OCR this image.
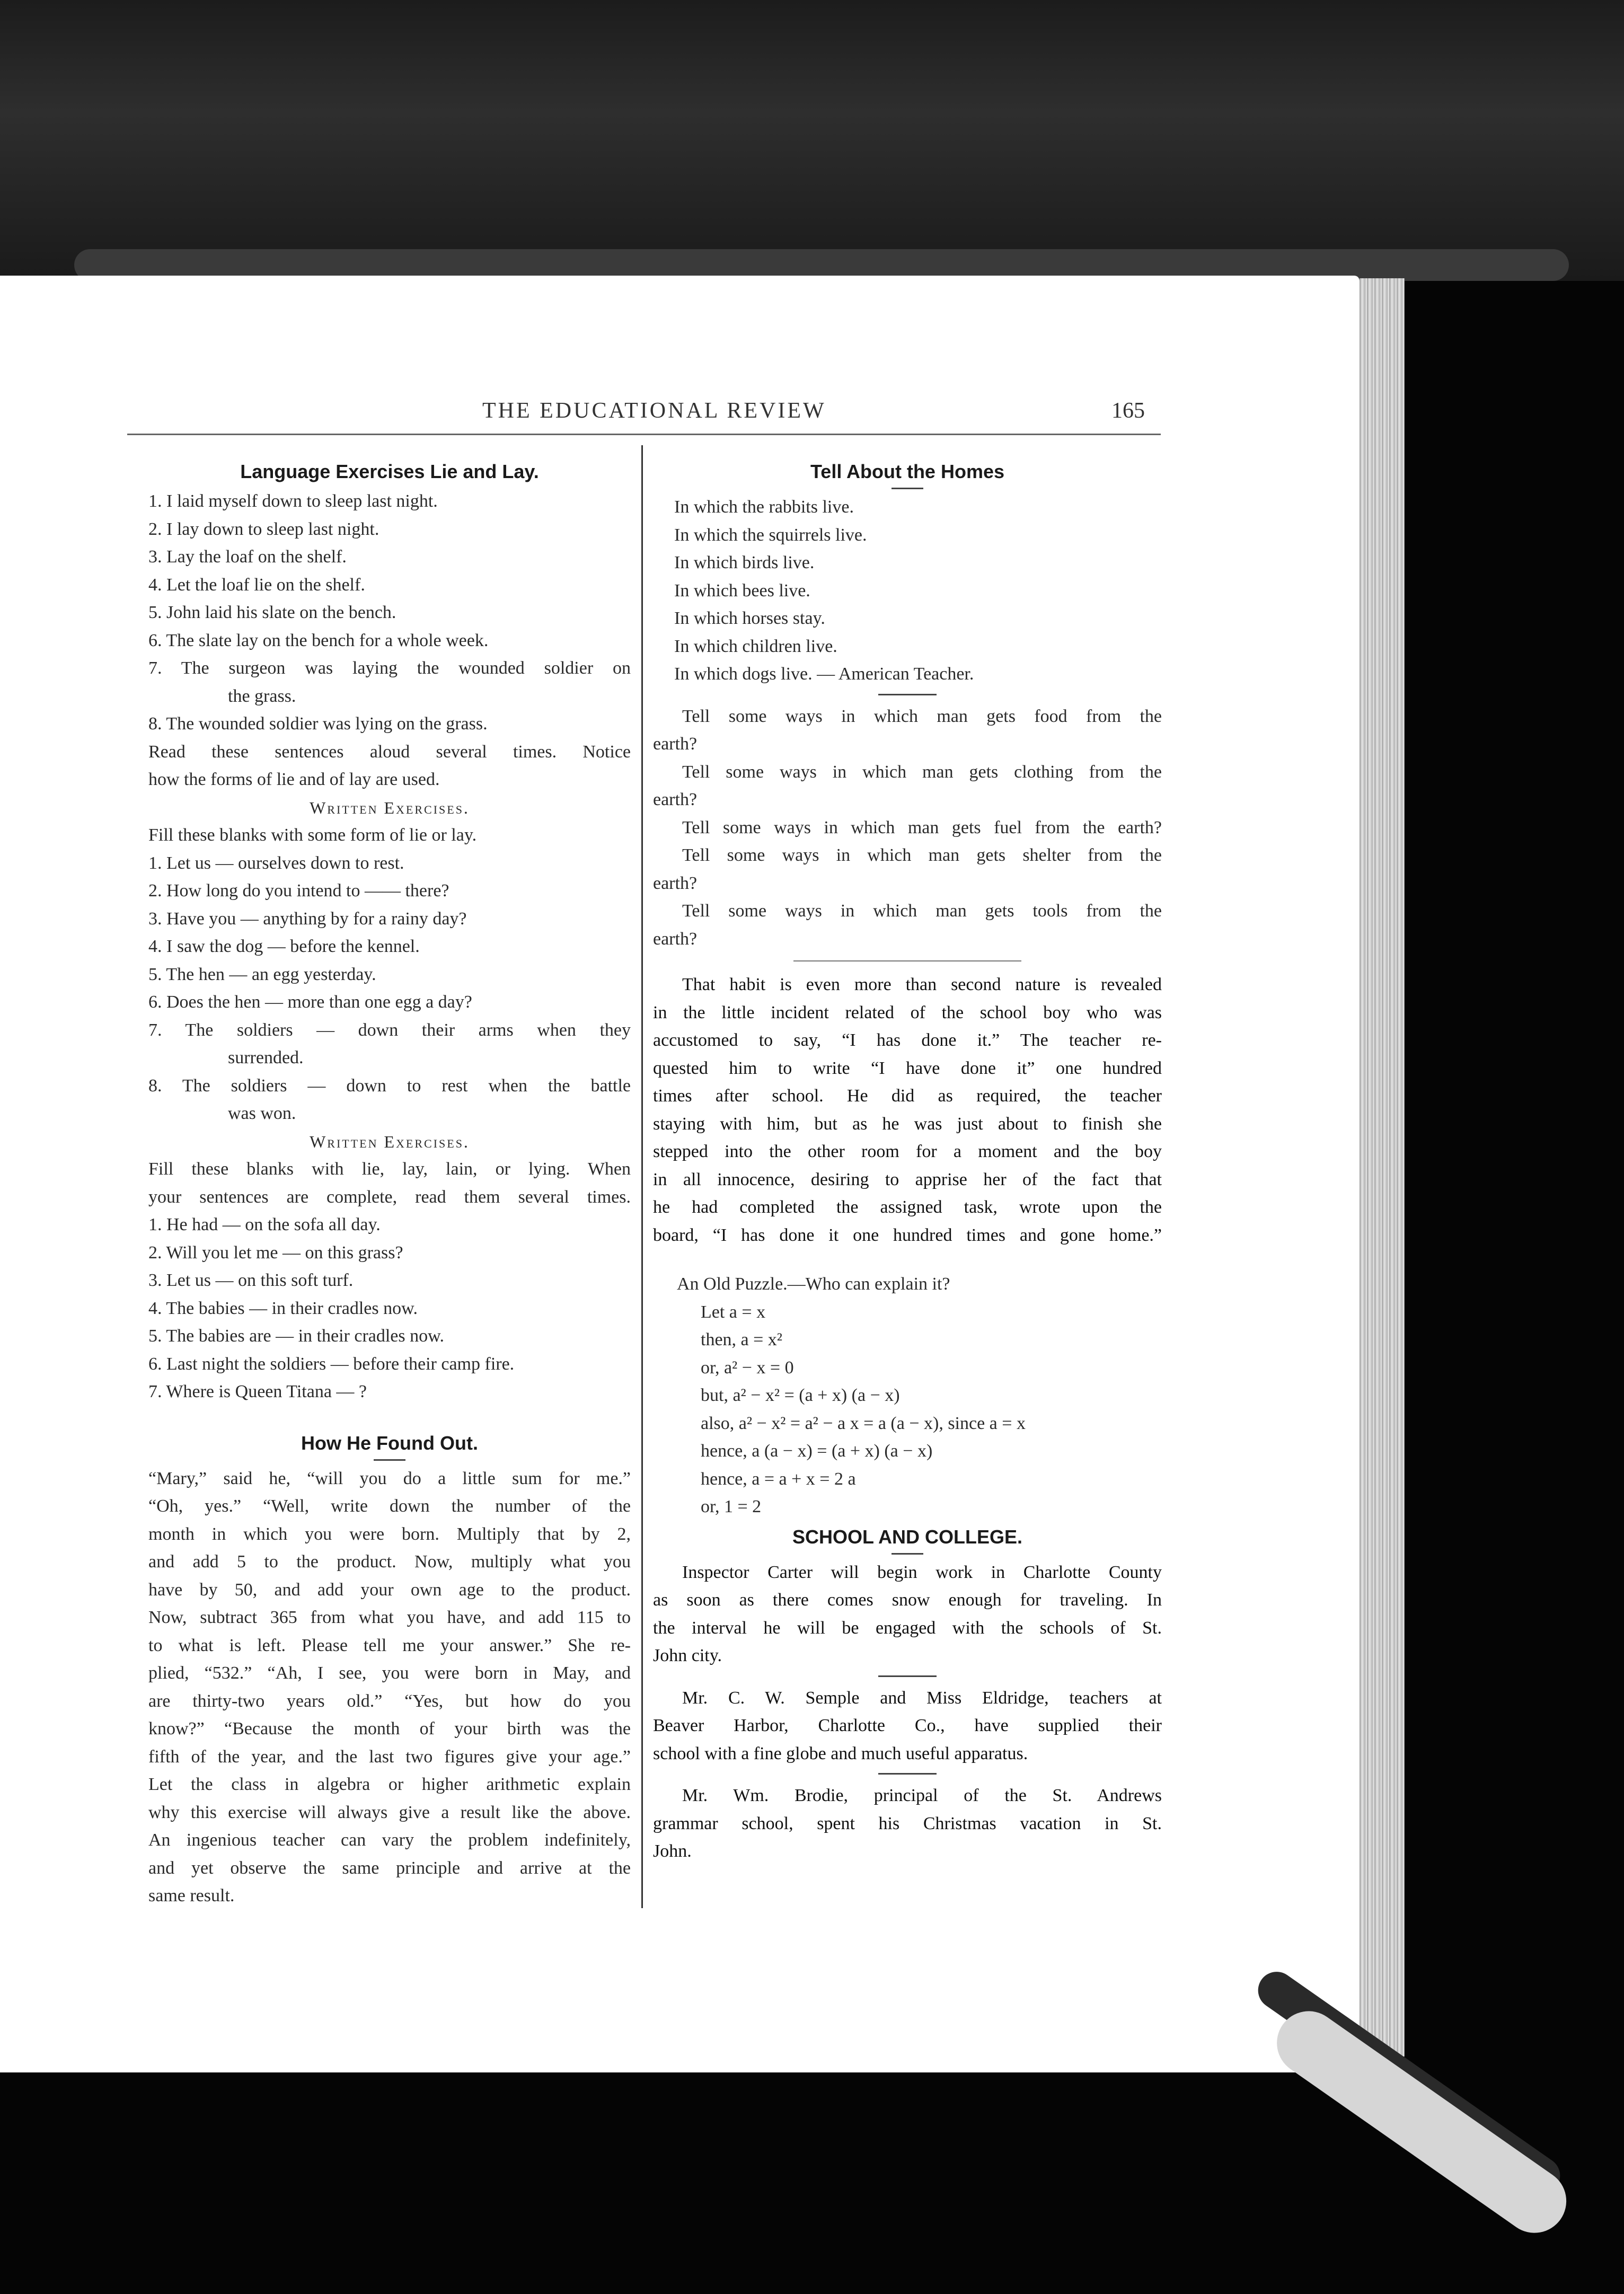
THE EDUCATIONAL REVIEW	165
Language Exercises Lie and Lay.
1. I laid myself down to sleep last night.
2. I lay down to sleep last night.
3. Lay the loaf on the shelf.
4. Let the loaf lie on the shelf.
5. John laid his slate on the bench.
6. The slate lay on the bench for a whole week.
7. The surgeon was laying the wounded soldier on
the grass.
8. The wounded soldier was lying on the grass.
Read these sentences aloud several times. Notice
how the forms of lie and of lay are used.
Written Exercises.
Fill these blanks with some form of lie or lay.
1. Let us — ourselves down to rest.
2. How long do you intend to —— there?
3. Have you — anything by for a rainy day?
4. I saw the dog — before the kennel.
5. The hen — an egg yesterday.
6. Does the hen — more than one egg a day?
7. The soldiers — down their arms when they
surrended.
8. The soldiers — down to rest when the battle
was won.
Written Exercises.
Fill these blanks with lie, lay, lain, or lying. When
your sentences are complete, read them several times.
1. He had — on the sofa all day.
2. Will you let me — on this grass?
3. Let us — on this soft turf.
4. The babies — in their cradles now.
5. The babies are — in their cradles now.
6. Last night the soldiers — before their camp fire.
7. Where is Queen Titana — ?
How He Found Out.
“Mary,” said he, “will you do a little sum for me.”
“Oh, yes.” “Well, write down the number of the
month in which you were born. Multiply that by 2,
and add 5 to the product. Now, multiply what you
have by 50, and add your own age to the product.
Now, subtract 365 from what you have, and add 115 to
to what is left. Please tell me your answer.” She re-
plied, “532.” “Ah, I see, you were born in May, and
are thirty-two years old.” “Yes, but how do you
know?” “Because the month of your birth was the
fifth of the year, and the last two figures give your age.”
Let the class in algebra or higher arithmetic explain
why this exercise will always give a result like the above.
An ingenious teacher can vary the problem indefinitely,
and yet observe the same principle and arrive at the
same result.
Tell About the Homes
In which the rabbits live.
In which the squirrels live.
In which birds live.
In which bees live.
In which horses stay.
In which children live.
In which dogs live. — American Teacher.
Tell some ways in which man gets food from the
earth?
Tell some ways in which man gets clothing from the
earth?
Tell some ways in which man gets fuel from the earth?
Tell some ways in which man gets shelter from the
earth?
Tell some ways in which man gets tools from the
earth?
That habit is even more than second nature is revealed
in the little incident related of the school boy who was
accustomed to say, “I has done it.” The teacher re-
quested him to write “I have done it” one hundred
times after school. He did as required, the teacher
staying with him, but as he was just about to finish she
stepped into the other room for a moment and the boy
in all innocence, desiring to apprise her of the fact that
he had completed the assigned task, wrote upon the
board, “I has done it one hundred times and gone home.”
An Old Puzzle.—Who can explain it?
Let a = x
then, a = x²
or, a² − x = 0
but, a² − x² = (a + x) (a − x)
also, a² − x² = a² − a x = a (a − x), since a = x
hence, a (a − x) = (a + x) (a − x)
hence, a = a + x = 2 a
or, 1 = 2
SCHOOL AND COLLEGE.
Inspector Carter will begin work in Charlotte County
as soon as there comes snow enough for traveling. In
the interval he will be engaged with the schools of St.
John city.
Mr. C. W. Semple and Miss Eldridge, teachers at
Beaver Harbor, Charlotte Co., have supplied their
school with a fine globe and much useful apparatus.
Mr. Wm. Brodie, principal of the St. Andrews
grammar school, spent his Christmas vacation in St.
John.
